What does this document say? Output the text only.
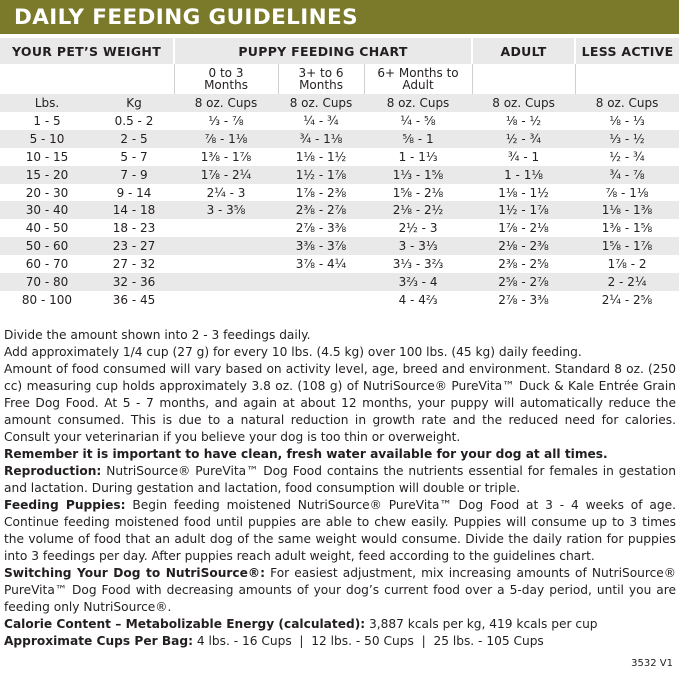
DAILY FEEDING GUIDELINES
YOUR PET’S WEIGHT		PUPPY FEEDING CHART			ADULT	LESS ACTIVE
		0 to 3 Months	3+ to 6 Months	6+ Months to Adult		
Lbs.	Kg	8 oz. Cups	8 oz. Cups	8 oz. Cups	8 oz. Cups	8 oz. Cups
1 - 5	0.5 - 2	⅓ - ⅞	¼ - ¾	¼ - ⅝	⅛ - ½	⅛ - ⅓
5 - 10	2 - 5	⅞ - 1⅛	¾ - 1⅛	⅝ - 1	½ - ¾	⅓ - ½
10 - 15	5 - 7	1⅜ - 1⅞	1⅛ - 1½	1 - 1⅓	¾ - 1	½ - ¾
15 - 20	7 - 9	1⅞ - 2¼	1½ - 1⅞	1⅓ - 1⅝	1 - 1⅛	¾ - ⅞
20 - 30	9 - 14	2¼ - 3	1⅞ - 2⅜	1⅝ - 2⅛	1⅛ - 1½	⅞ - 1⅛
30 - 40	14 - 18	3 - 3⅝	2⅜ - 2⅞	2⅛ - 2½	1½ - 1⅞	1⅛ - 1⅜
40 - 50	18 - 23		2⅞ - 3⅜	2½ - 3	1⅞ - 2⅛	1⅜ - 1⅝
50 - 60	23 - 27		3⅜ - 3⅞	3 - 3⅓	2⅛ - 2⅜	1⅝ - 1⅞
60 - 70	27 - 32		3⅞ - 4¼	3⅓ - 3⅔	2⅜ - 2⅝	1⅞ - 2
70 - 80	32 - 36			3⅔ - 4	2⅝ - 2⅞	2 - 2¼
80 - 100	36 - 45			4 - 4⅔	2⅞ - 3⅜	2¼ - 2⅝

Divide the amount shown into 2 - 3 feedings daily.

Add approximately 1/4 cup (27 g) for every 10 lbs. (4.5 kg) over 100 lbs. (45 kg) daily feeding.

Amount of food consumed will vary based on activity level, age, breed and environment. Standard 8 oz. (250 cc) measuring cup holds approximately 3.8 oz. (108 g) of NutriSource® PureVita™ Duck & Kale Entrée Grain Free Dog Food. At 5 - 7 months, and again at about 12 months, your puppy will automatically reduce the amount consumed. This is due to a natural reduction in growth rate and the reduced need for calories. Consult your veterinarian if you believe your dog is too thin or overweight.

Remember it is important to have clean, fresh water available for your dog at all times.

Reproduction: NutriSource® PureVita™ Dog Food contains the nutrients essential for females in gestation and lactation. During gestation and lactation, food consumption will double or triple.

Feeding Puppies: Begin feeding moistened NutriSource® PureVita™ Dog Food at 3 - 4 weeks of age. Continue feeding moistened food until puppies are able to chew easily. Puppies will consume up to 3 times the volume of food that an adult dog of the same weight would consume. Divide the daily ration for puppies into 3 feedings per day. After puppies reach adult weight, feed according to the guidelines chart.

Switching Your Dog to NutriSource®: For easiest adjustment, mix increasing amounts of NutriSource® PureVita™ Dog Food with decreasing amounts of your dog’s current food over a 5-day period, until you are feeding only NutriSource®.

Calorie Content – Metabolizable Energy (calculated): 3,887 kcals per kg, 419 kcals per cup

Approximate Cups Per Bag: 4 lbs. - 16 Cups  |  12 lbs. - 50 Cups  |  25 lbs. - 105 Cups

3532 V1
